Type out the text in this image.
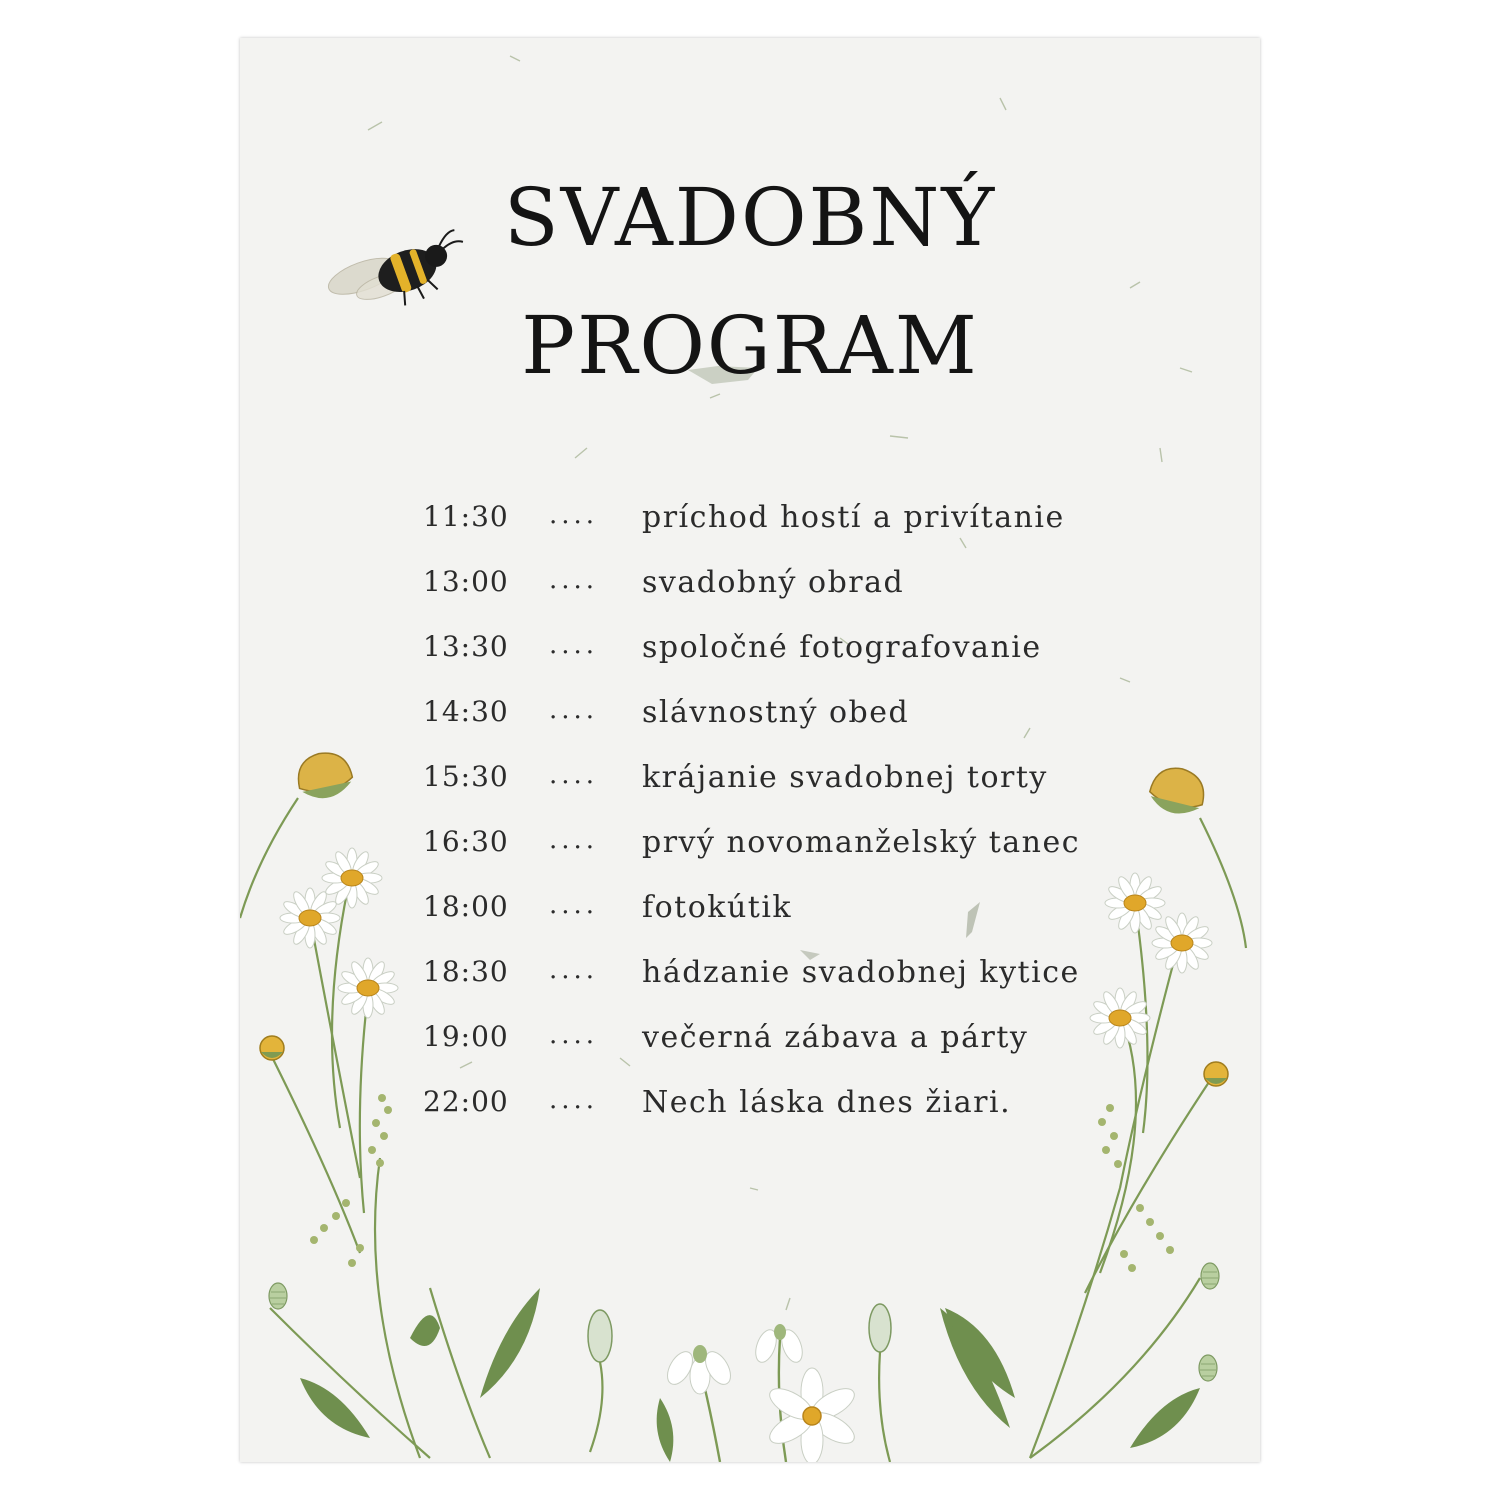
SVADOBNÝ
PROGRAM
11:30 .... príchod hostí a privítanie
13:00 .... svadobný obrad
13:30 .... spoločné fotografovanie
14:30 .... slávnostný obed
15:30 .... krájanie svadobnej torty
16:30 .... prvý novomanželský tanec
18:00 .... fotokútik
18:30 .... hádzanie svadobnej kytice
19:00 .... večerná zábava a párty
22:00 .... Nech láska dnes žiari.
